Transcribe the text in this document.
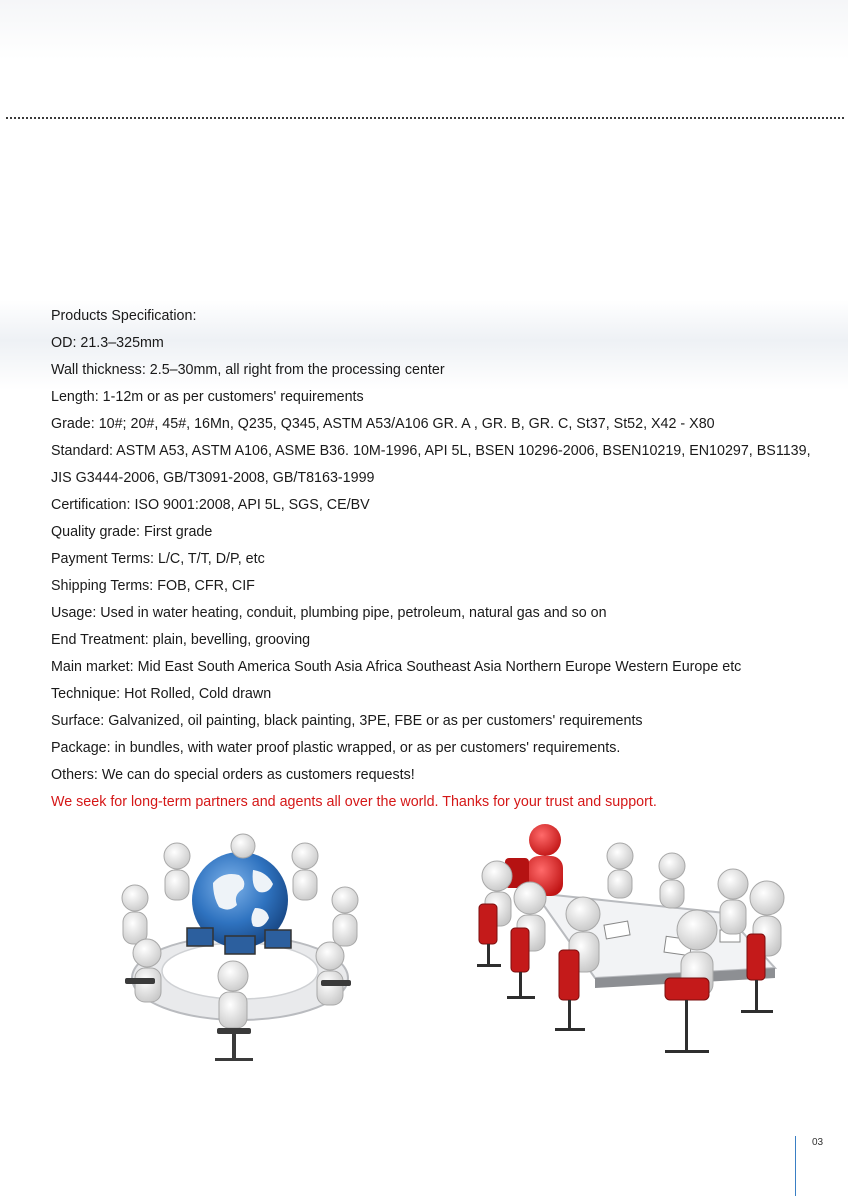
Products Specification:
OD: 21.3–325mm
Wall thickness: 2.5–30mm, all right from the processing center
Length: 1-12m or as per customers' requirements
Grade: 10#; 20#, 45#, 16Mn, Q235, Q345, ASTM A53/A106 GR. A , GR. B, GR. C, St37, St52, X42 - X80
Standard: ASTM A53, ASTM A106, ASME B36. 10M-1996, API 5L, BSEN 10296-2006, BSEN10219, EN10297, BS1139, JIS G3444-2006, GB/T3091-2008, GB/T8163-1999
Certification: ISO 9001:2008, API 5L, SGS, CE/BV
Quality grade: First grade
Payment Terms: L/C, T/T, D/P, etc
Shipping Terms: FOB, CFR, CIF
Usage: Used in water heating, conduit, plumbing pipe, petroleum, natural gas and so on
End Treatment: plain, bevelling, grooving
Main market: Mid East South America South Asia Africa Southeast Asia Northern Europe Western Europe etc
Technique: Hot Rolled, Cold drawn
Surface: Galvanized, oil painting, black painting, 3PE, FBE or as per customers' requirements
Package: in bundles, with water proof plastic wrapped, or as per customers' requirements.
Others: We can do special orders as customers requests!
We seek for long-term partners and agents all over the world. Thanks for your trust and support.
03
